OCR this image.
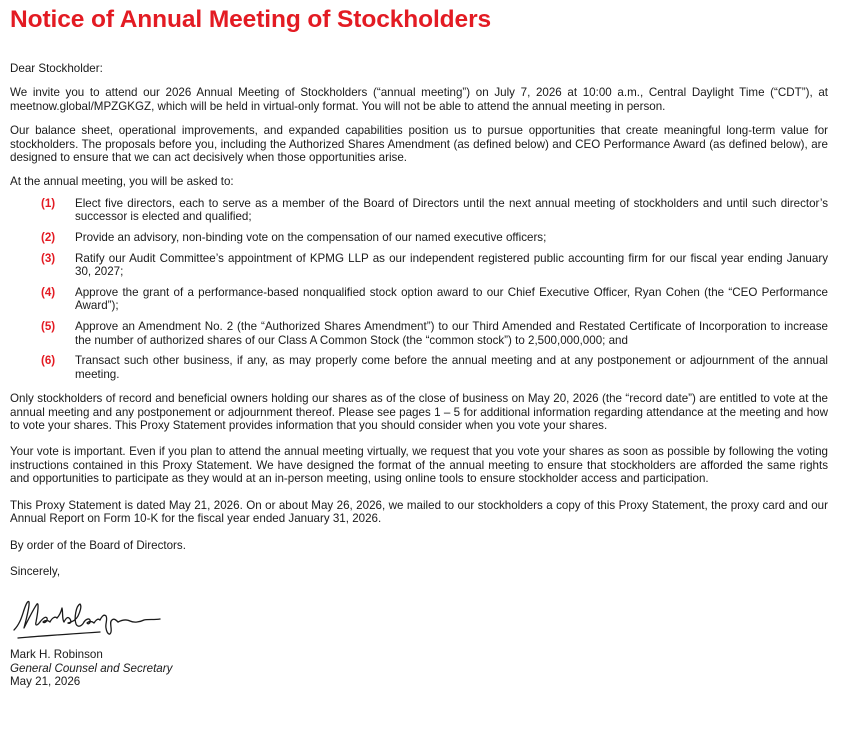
Notice of Annual Meeting of Stockholders

Dear Stockholder:

We invite you to attend our 2026 Annual Meeting of Stockholders (“annual meeting”) on July 7, 2026 at 10:00 a.m., Central Daylight Time (“CDT”), at meetnow.global/MPZGKGZ, which will be held in virtual-only format. You will not be able to attend the annual meeting in person.

Our balance sheet, operational improvements, and expanded capabilities position us to pursue opportunities that create meaningful long-term value for stockholders. The proposals before you, including the Authorized Shares Amendment (as defined below) and CEO Performance Award (as defined below), are designed to ensure that we can act decisively when those opportunities arise.

At the annual meeting, you will be asked to:

(1)	Elect five directors, each to serve as a member of the Board of Directors until the next annual meeting of stockholders and until such director’s successor is elected and qualified;
(2)	Provide an advisory, non-binding vote on the compensation of our named executive officers;
(3)	Ratify our Audit Committee’s appointment of KPMG LLP as our independent registered public accounting firm for our fiscal year ending January 30, 2027;
(4)	Approve the grant of a performance-based nonqualified stock option award to our Chief Executive Officer, Ryan Cohen (the “CEO Performance Award”);
(5)	Approve an Amendment No. 2 (the “Authorized Shares Amendment”) to our Third Amended and Restated Certificate of Incorporation to increase the number of authorized shares of our Class A Common Stock (the “common stock”) to 2,500,000,000; and
(6)	Transact such other business, if any, as may properly come before the annual meeting and at any postponement or adjournment of the annual meeting.

Only stockholders of record and beneficial owners holding our shares as of the close of business on May 20, 2026 (the “record date”) are entitled to vote at the annual meeting and any postponement or adjournment thereof. Please see pages 1 – 5 for additional information regarding attendance at the meeting and how to vote your shares. This Proxy Statement provides information that you should consider when you vote your shares.

Your vote is important. Even if you plan to attend the annual meeting virtually, we request that you vote your shares as soon as possible by following the voting instructions contained in this Proxy Statement. We have designed the format of the annual meeting to ensure that stockholders are afforded the same rights and opportunities to participate as they would at an in-person meeting, using online tools to ensure stockholder access and participation.

This Proxy Statement is dated May 21, 2026. On or about May 26, 2026, we mailed to our stockholders a copy of this Proxy Statement, the proxy card and our Annual Report on Form 10-K for the fiscal year ended January 31, 2026.

By order of the Board of Directors.

Sincerely,

Mark H. Robinson

General Counsel and Secretary

May 21, 2026
